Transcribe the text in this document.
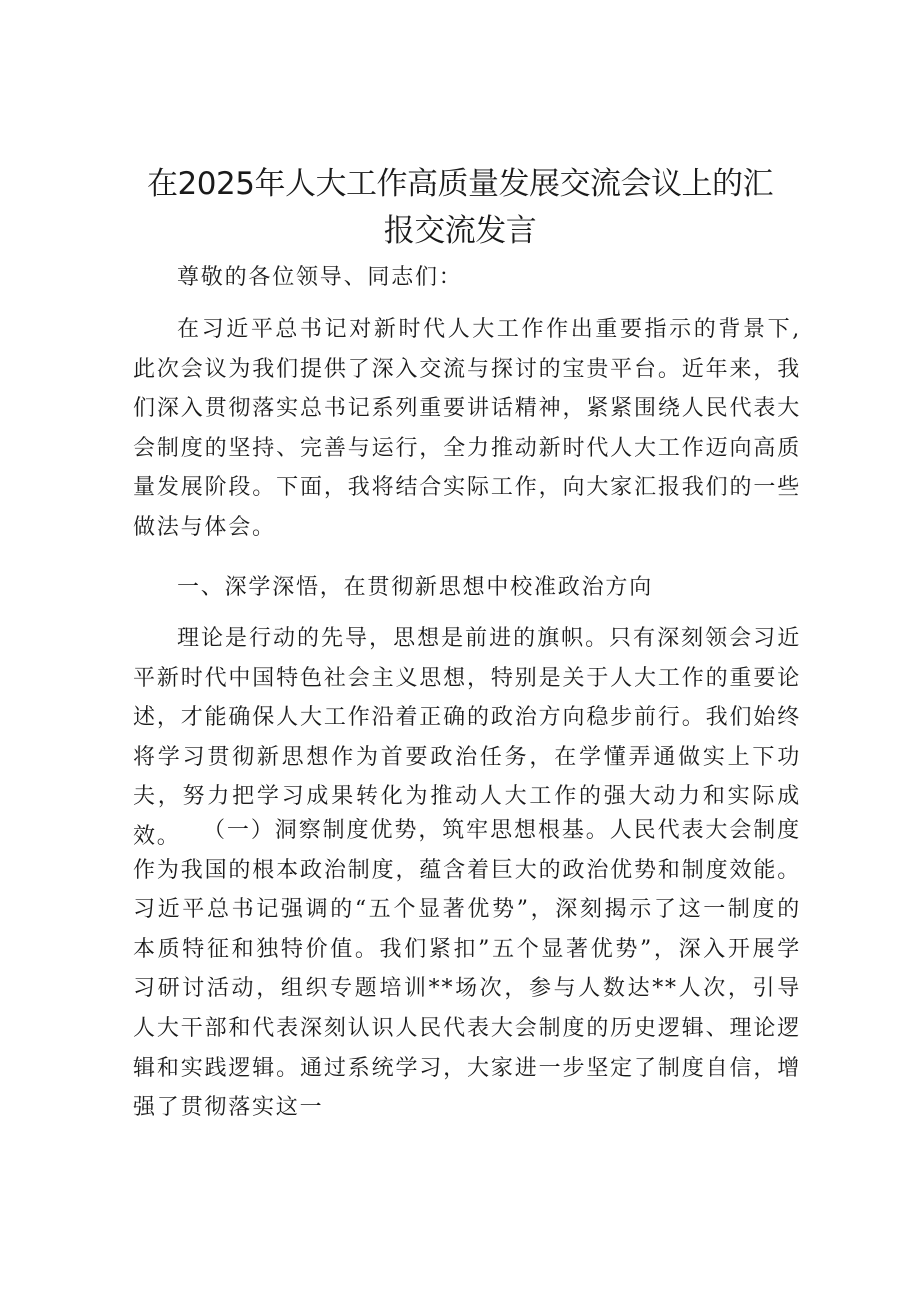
在2025年人大工作高质量发展交流会议上的汇
报交流发言

尊敬的各位领导、同志们：

在习近平总书记对新时代人大工作作出重要指示的背景下,此次会议为我们提供了深入交流与探讨的宝贵平台。近年来，我们深入贯彻落实总书记系列重要讲话精神，紧紧围绕人民代表大会制度的坚持、完善与运行，全力推动新时代人大工作迈向高质量发展阶段。下面，我将结合实际工作，向大家汇报我们的一些做法与体会。

一、深学深悟，在贯彻新思想中校准政治方向

理论是行动的先导，思想是前进的旗帜。只有深刻领会习近平新时代中国特色社会主义思想，特别是关于人大工作的重要论述，才能确保人大工作沿着正确的政治方向稳步前行。我们始终将学习贯彻新思想作为首要政治任务，在学懂弄通做实上下功夫，努力把学习成果转化为推动人大工作的强大动力和实际成效。	（一）洞察制度优势，筑牢思想根基。人民代表大会制度作为我国的根本政治制度，蕴含着巨大的政治优势和制度效能。习近平总书记强调的“五个显著优势”，深刻揭示了这一制度的本质特征和独特价值。我们紧扣”五个显著优势”，深入开展学习研讨活动，组织专题培训**场次，参与人数达**人次，引导人大干部和代表深刻认识人民代表大会制度的历史逻辑、理论逻辑和实践逻辑。通过系统学习，大家进一步坚定了制度自信，增强了贯彻落实这一
